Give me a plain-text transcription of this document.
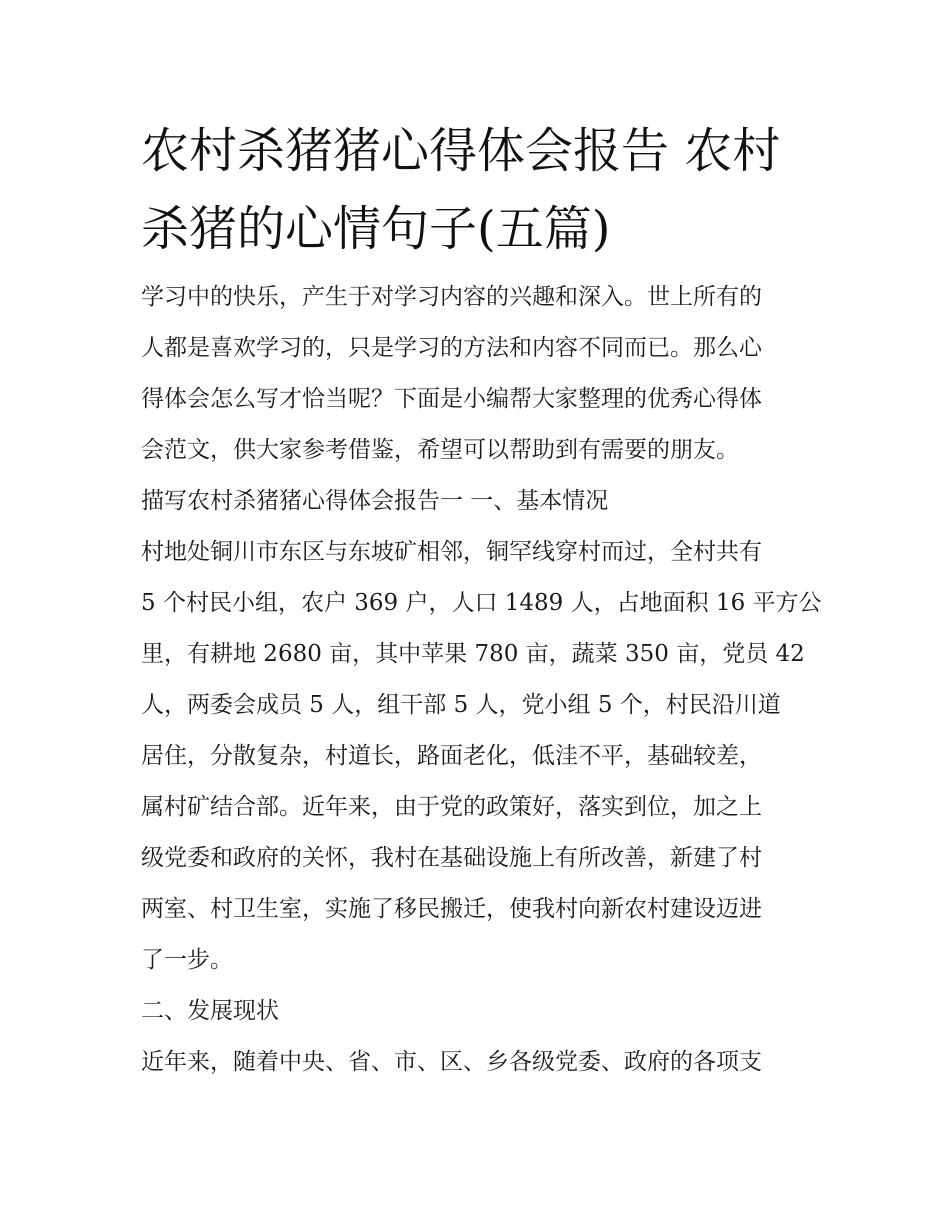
农村杀猪猪心得体会报告 农村
杀猪的心情句子(五篇)
学习中的快乐，产生于对学习内容的兴趣和深入。世上所有的
人都是喜欢学习的，只是学习的方法和内容不同而已。那么心
得体会怎么写才恰当呢？下面是小编帮大家整理的优秀心得体
会范文，供大家参考借鉴，希望可以帮助到有需要的朋友。
描写农村杀猪猪心得体会报告一 一、基本情况
村地处铜川市东区与东坡矿相邻，铜罕线穿村而过，全村共有
5 个村民小组，农户 369 户，人口 1489 人，占地面积 16 平方公
里，有耕地 2680 亩，其中苹果 780 亩，蔬菜 350 亩，党员 42
人，两委会成员 5 人，组干部 5 人，党小组 5 个，村民沿川道
居住，分散复杂，村道长，路面老化，低洼不平，基础较差，
属村矿结合部。近年来，由于党的政策好，落实到位，加之上
级党委和政府的关怀，我村在基础设施上有所改善，新建了村
两室、村卫生室，实施了移民搬迁，使我村向新农村建设迈进
了一步。
二、发展现状
近年来，随着中央、省、市、区、乡各级党委、政府的各项支
